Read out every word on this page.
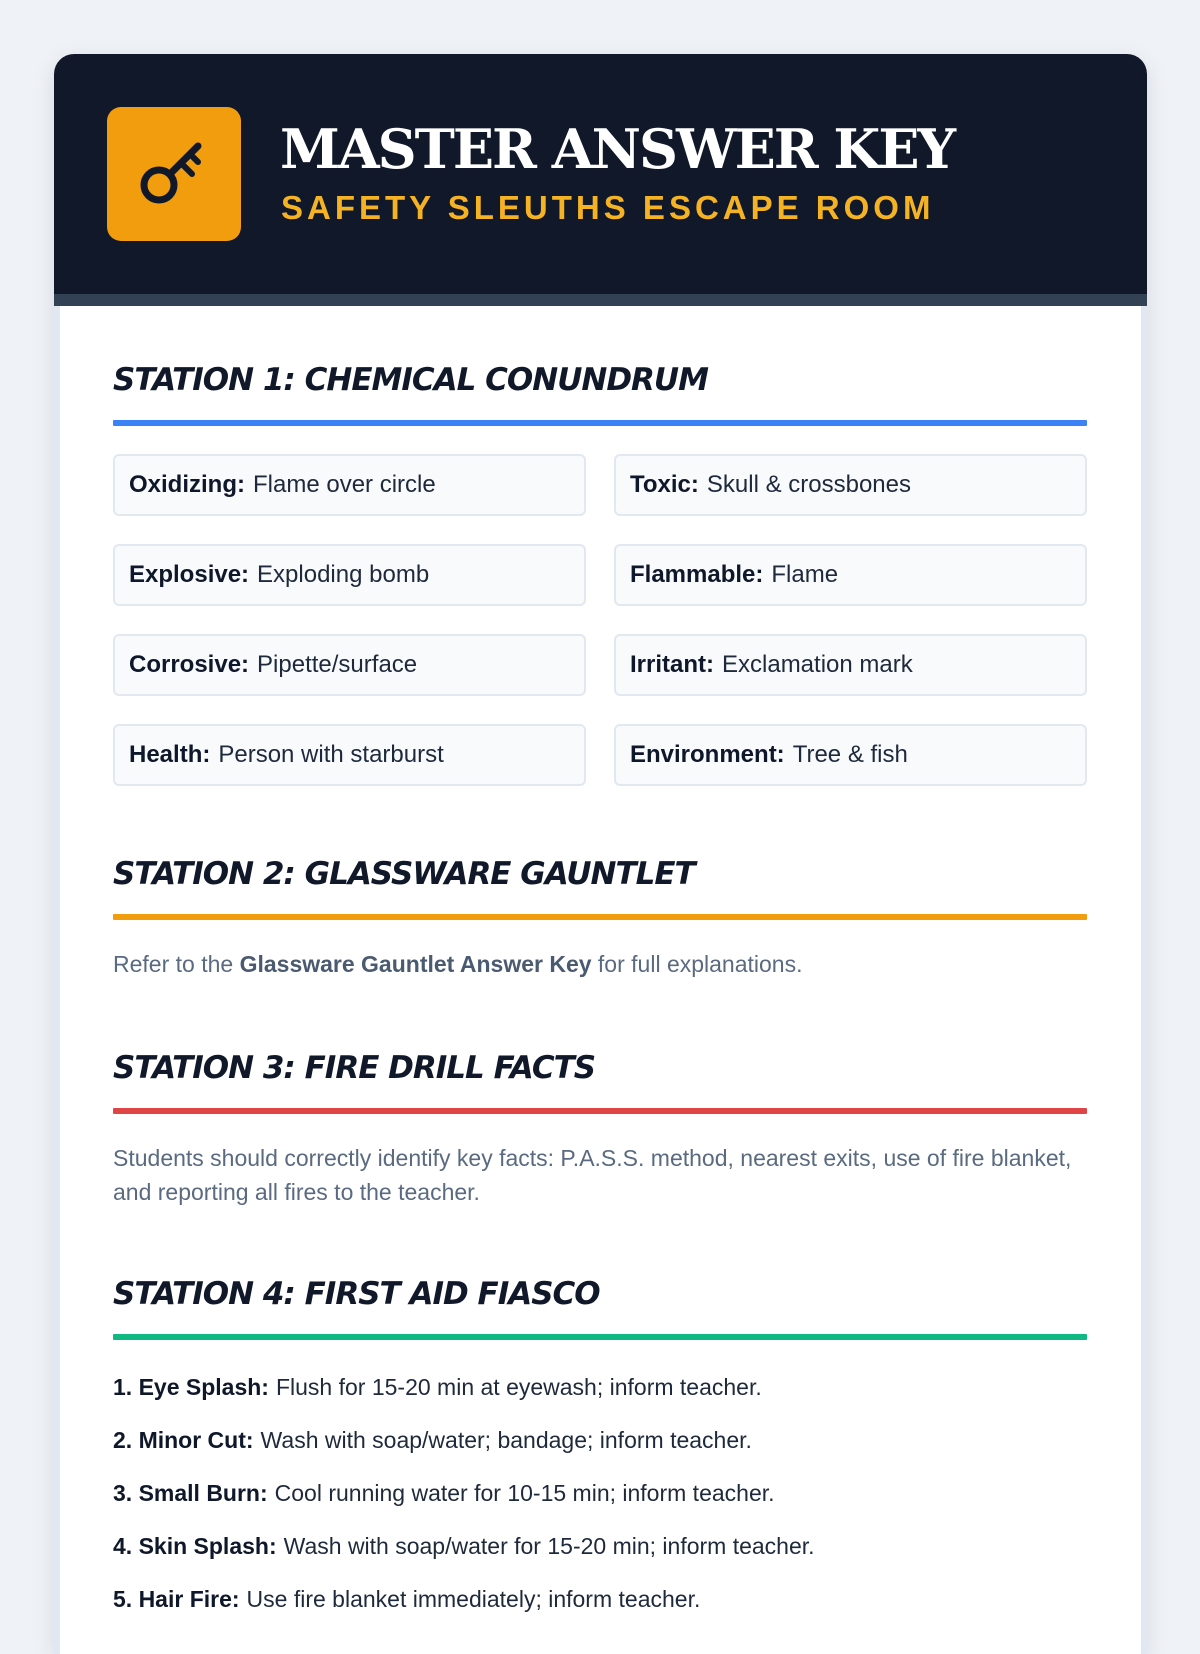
MASTER ANSWER KEY
SAFETY SLEUTHS ESCAPE ROOM
STATION 1: CHEMICAL CONUNDRUM
Oxidizing: Flame over circle	Toxic: Skull & crossbones
Explosive: Exploding bomb	Flammable: Flame
Corrosive: Pipette/surface	Irritant: Exclamation mark
Health: Person with starburst	Environment: Tree & fish
STATION 2: GLASSWARE GAUNTLET

Refer to the Glassware Gauntlet Answer Key for full explanations.

STATION 3: FIRE DRILL FACTS

Students should correctly identify key facts: P.A.S.S. method, nearest exits, use of fire blanket, and reporting all fires to the teacher.

STATION 4: FIRST AID FIASCO
1. Eye Splash: Flush for 15-20 min at eyewash; inform teacher.
2. Minor Cut: Wash with soap/water; bandage; inform teacher.
3. Small Burn: Cool running water for 10-15 min; inform teacher.
4. Skin Splash: Wash with soap/water for 15-20 min; inform teacher.
5. Hair Fire: Use fire blanket immediately; inform teacher.
